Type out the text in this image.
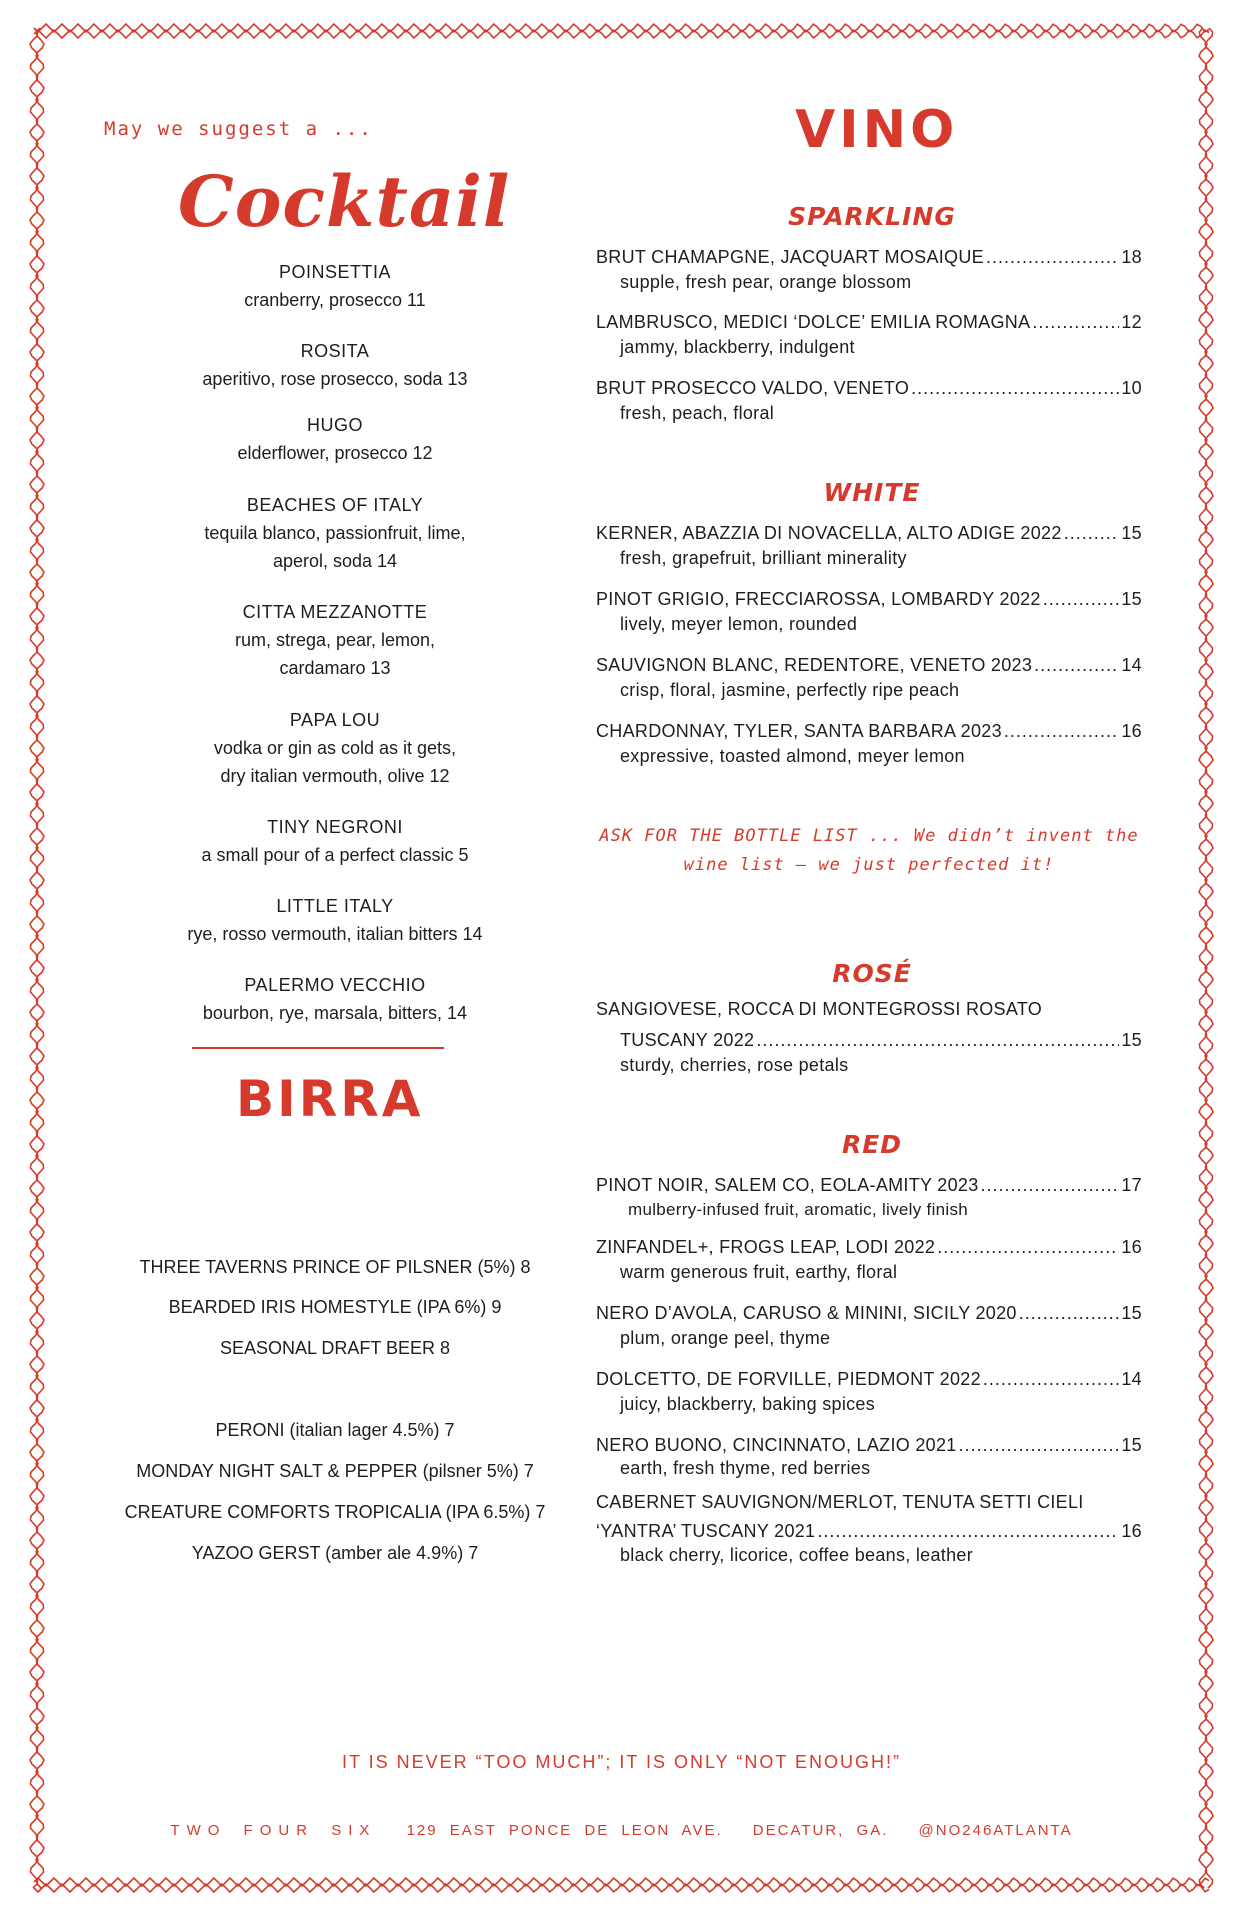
May we suggest a ...
Cocktail
POINSETTIA
cranberry, prosecco 11
ROSITA
aperitivo, rose prosecco, soda 13
HUGO
elderflower, prosecco 12
BEACHES OF ITALY
tequila blanco, passionfruit, lime,
aperol, soda 14
CITTA MEZZANOTTE
rum, strega, pear, lemon,
cardamaro 13
PAPA LOU
vodka or gin as cold as it gets,
dry italian vermouth, olive 12
TINY NEGRONI
a small pour of a perfect classic 5
LITTLE ITALY
rye, rosso vermouth, italian bitters 14
PALERMO VECCHIO
bourbon, rye, marsala, bitters, 14
BIRRA
THREE TAVERNS PRINCE OF PILSNER (5%) 8
BEARDED IRIS HOMESTYLE (IPA 6%) 9
SEASONAL DRAFT BEER 8
PERONI (italian lager 4.5%) 7
MONDAY NIGHT SALT & PEPPER (pilsner 5%) 7
CREATURE COMFORTS TROPICALIA (IPA 6.5%) 7
YAZOO GERST (amber ale 4.9%) 7
VINO
SPARKLING
BRUT CHAMAPGNE, JACQUART MOSAIQUE .....	18
supple, fresh pear, orange blossom
LAMBRUSCO, MEDICI ‘DOLCE’ EMILIA ROMAGNA .....	12
jammy, blackberry, indulgent
BRUT PROSECCO VALDO, VENETO .....	10
fresh, peach, floral
WHITE
KERNER, ABAZZIA DI NOVACELLA, ALTO ADIGE 2022 .....	15
fresh, grapefruit, brilliant minerality
PINOT GRIGIO, FRECCIAROSSA, LOMBARDY 2022 .....	15
lively, meyer lemon, rounded
SAUVIGNON BLANC, REDENTORE, VENETO 2023 .....	14
crisp, floral, jasmine, perfectly ripe peach
CHARDONNAY, TYLER, SANTA BARBARA 2023 .....	16
expressive, toasted almond, meyer lemon
ASK FOR THE BOTTLE LIST ... We didn’t invent the
wine list — we just perfected it!
ROSÉ
SANGIOVESE, ROCCA DI MONTEGROSSI ROSATO
TUSCANY 2022 .....	15
sturdy, cherries, rose petals
RED
PINOT NOIR, SALEM CO, EOLA-AMITY 2023 .....	17
mulberry-infused fruit, aromatic, lively finish
ZINFANDEL+, FROGS LEAP, LODI 2022 .....	16
warm generous fruit, earthy, floral
NERO D’AVOLA, CARUSO & MININI, SICILY 2020 .....	15
plum, orange peel, thyme
DOLCETTO, DE FORVILLE, PIEDMONT 2022 .....	14
juicy, blackberry, baking spices
NERO BUONO, CINCINNATO, LAZIO 2021 .....	15
earth, fresh thyme, red berries
CABERNET SAUVIGNON/MERLOT, TENUTA SETTI CIELI
‘YANTRA’ TUSCANY 2021 .....	16
black cherry, licorice, coffee beans, leather
IT IS NEVER “TOO MUCH”; IT IS ONLY “NOT ENOUGH!”
TWO FOUR SIX 129 EAST PONCE DE LEON AVE. DECATUR, GA. @NO246ATLANTA
